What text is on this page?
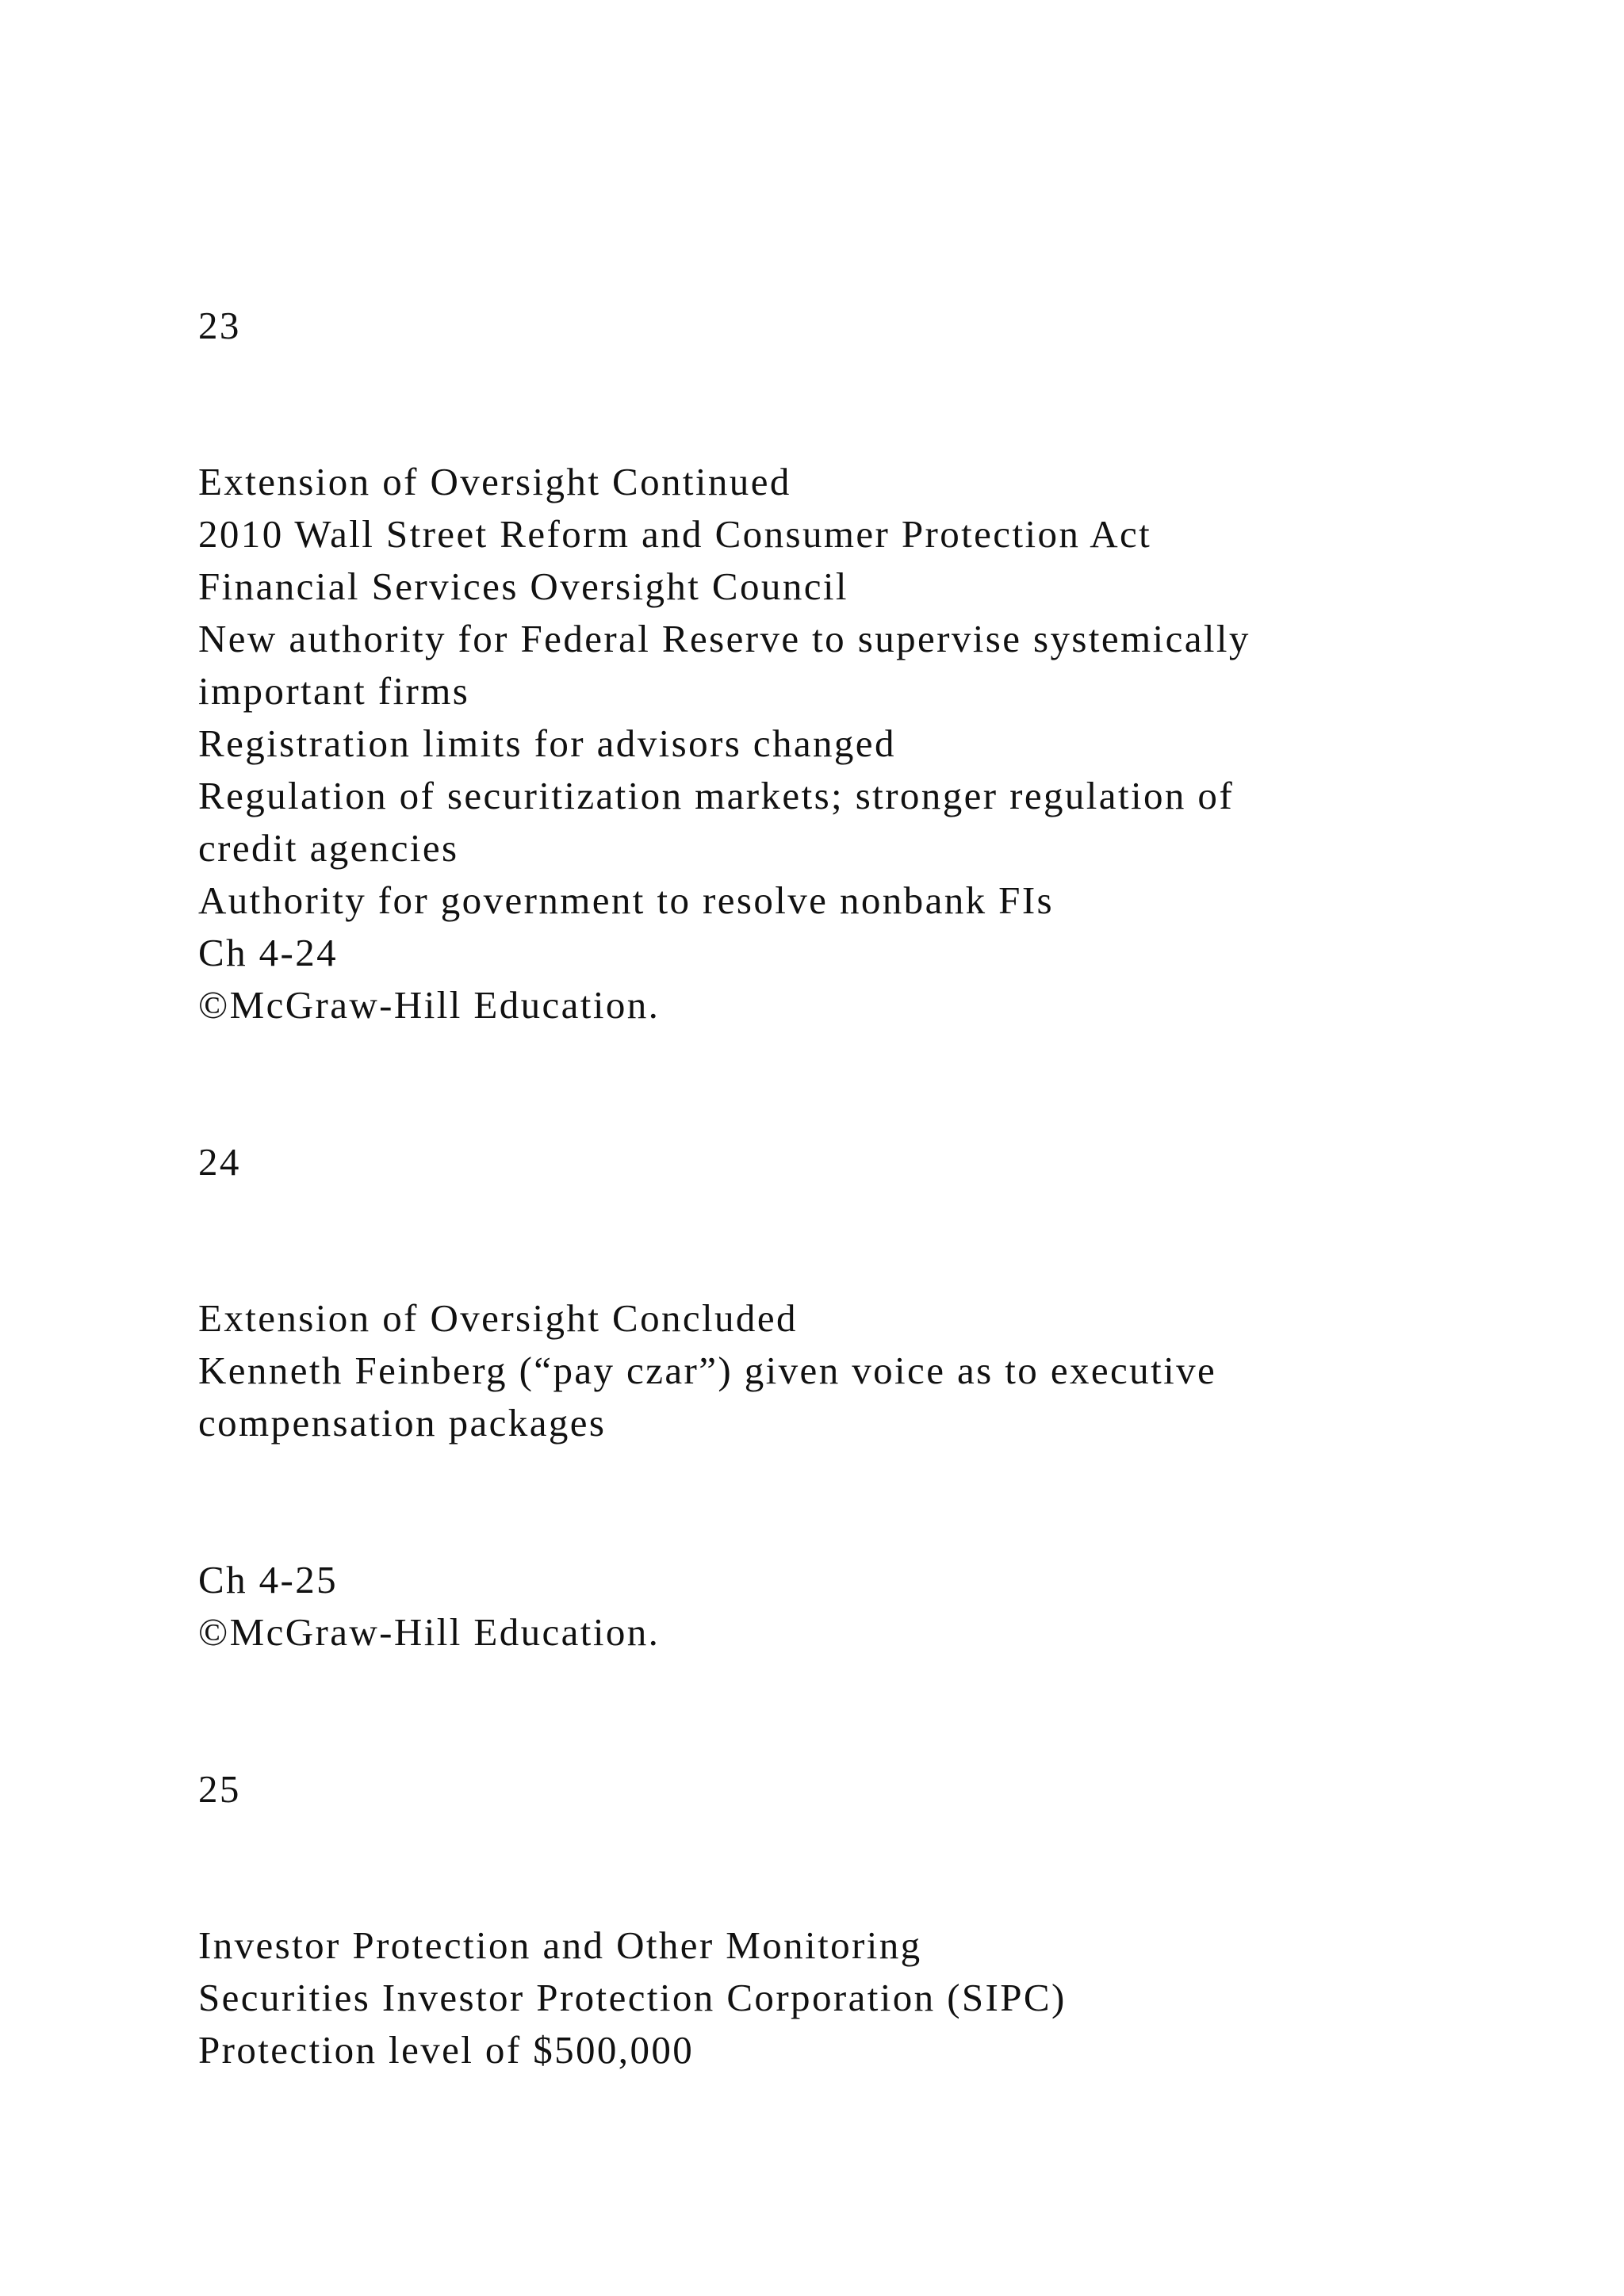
23

Extension of Oversight Continued

2010 Wall Street Reform and Consumer Protection Act

Financial Services Oversight Council

New authority for Federal Reserve to supervise systemically

important firms

Registration limits for advisors changed

Regulation of securitization markets; stronger regulation of

credit agencies

Authority for government to resolve nonbank FIs

Ch 4-24

©McGraw-Hill Education.

24

Extension of Oversight Concluded

Kenneth Feinberg (“pay czar”) given voice as to executive

compensation packages

Ch 4-25

©McGraw-Hill Education.

25

Investor Protection and Other Monitoring

Securities Investor Protection Corporation (SIPC)

Protection level of $500,000
